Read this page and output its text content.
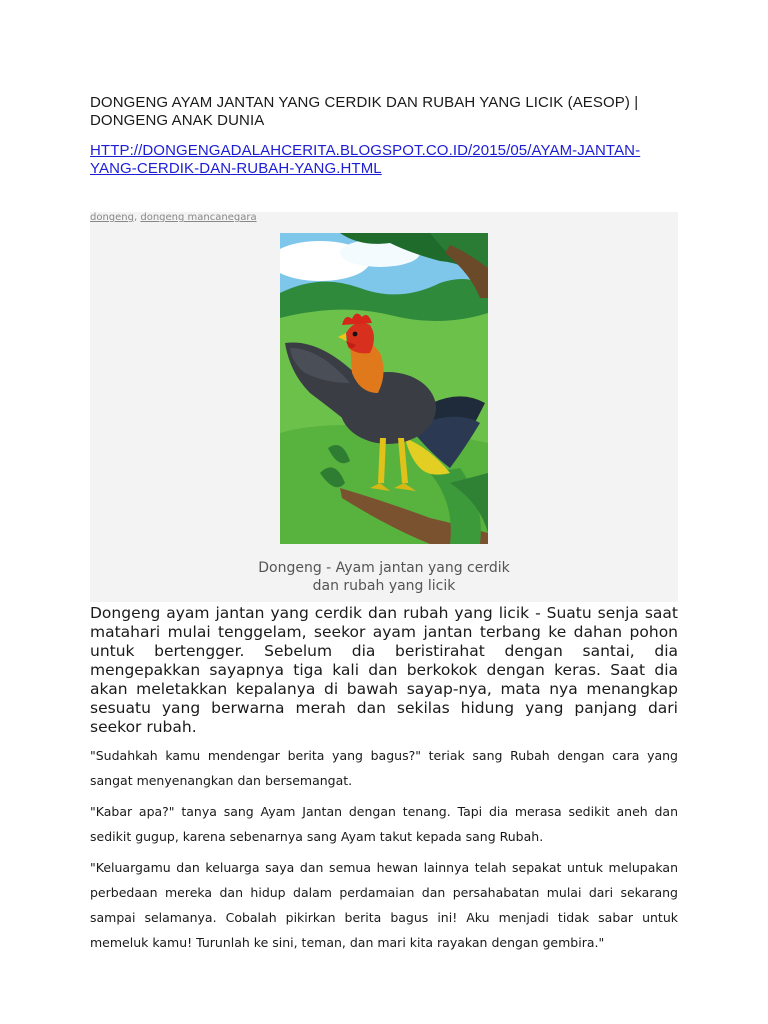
DONGENG AYAM JANTAN YANG CERDIK DAN RUBAH YANG LICIK (AESOP) | DONGENG ANAK DUNIA

HTTP://DONGENGADALAHCERITA.BLOGSPOT.CO.ID/2015/05/AYAM-JANTAN-YANG-CERDIK-DAN-RUBAH-YANG.HTML
dongeng, dongeng mancanegara
Dongeng - Ayam jantan yang cerdik
dan rubah yang licik

Dongeng ayam jantan yang cerdik dan rubah yang licik - Suatu senja saat matahari mulai tenggelam, seekor ayam jantan terbang ke dahan pohon untuk bertengger. Sebelum dia beristirahat dengan santai, dia mengepakkan sayapnya tiga kali dan berkokok dengan keras. Saat dia akan meletakkan kepalanya di bawah sayap-nya, mata nya menangkap sesuatu yang berwarna merah dan sekilas hidung yang panjang dari seekor rubah.

"Sudahkah kamu mendengar berita yang bagus?" teriak sang Rubah dengan cara yang sangat menyenangkan dan bersemangat.

"Kabar apa?" tanya sang Ayam Jantan dengan tenang. Tapi dia merasa sedikit aneh dan sedikit gugup, karena sebenarnya sang Ayam takut kepada sang Rubah.

"Keluargamu dan keluarga saya dan semua hewan lainnya telah sepakat untuk melupakan perbedaan mereka dan hidup dalam perdamaian dan persahabatan mulai dari sekarang sampai selamanya. Cobalah pikirkan berita bagus ini! Aku menjadi tidak sabar untuk memeluk kamu! Turunlah ke sini, teman, dan mari kita rayakan dengan gembira."
